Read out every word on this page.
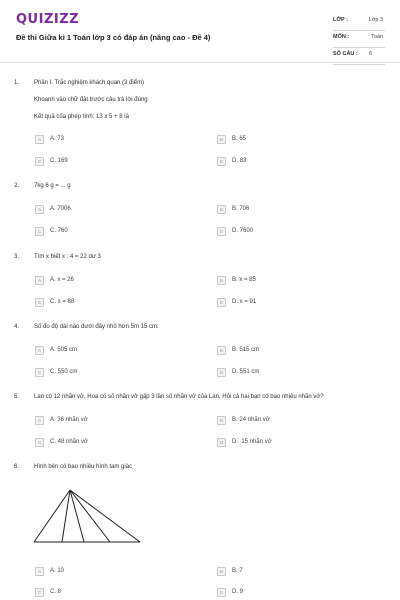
QUIZIZZ
Đề thi Giữa kì 1 Toán lớp 3 có đáp án (nâng cao - Đề 4)
LỚP :	Lớp 3
MÔN :	Toán
SỐ CÂU : 6
1. Phần I. Trắc nghiệm khách quan (3 điểm)
Khoanh vào chữ đặt trước câu trả lời đúng
Kết quả của phép tính: 13 x 5 + 8 là
A	A. 73	B	B. 65
C	C. 169	D	D. 83
2. 7kg 6 g = ... g
A	A. 7006	B	B. 706
C	C. 760	D	D. 7600
3. Tìm x biết x : 4 = 22 dư 3
A	A. x = 26	B	B. x = 85
C	C. x = 88	D	D. x = 91
4. Số đo độ dài nào dưới đây nhỏ hơn 5m 15 cm:
A	A. 505 cm	B	B. 515 cm
C	C. 550 cm	D	D. 551 cm
5. Lan có 12 nhãn vở, Hoa có số nhãn vở gấp 3 lần số nhãn vở của Lan. Hỏi cả hai bạn có bao nhiêu nhãn vở?
A	A. 36 nhãn vở	B	B. 24 nhãn vở
C	C. 48 nhãn vở	D	D . 15 nhãn vở
6. Hình bên có bao nhiêu hình tam giác
A	A. 10	B	B. 7
C	C. 8	D	D. 9
